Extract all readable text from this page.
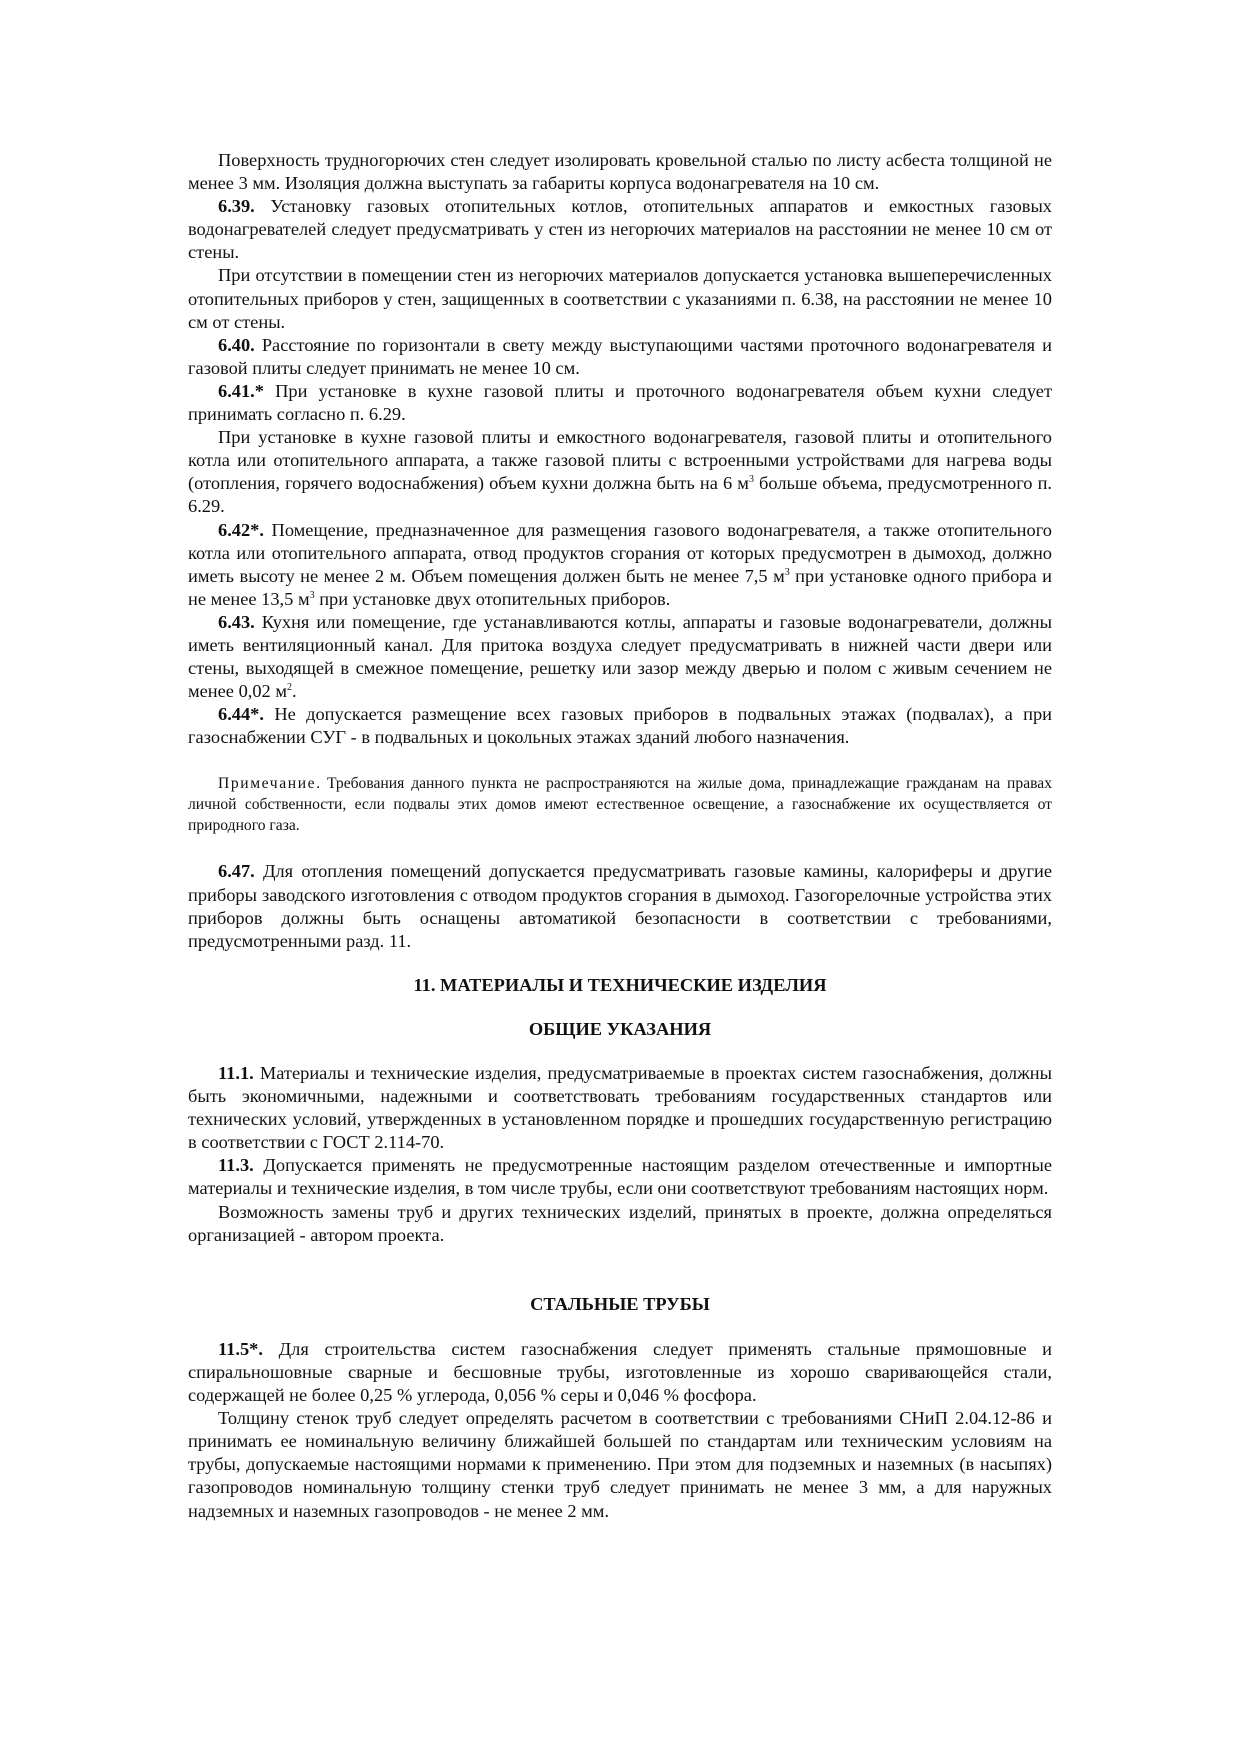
Поверхность трудногорючих стен следует изолировать кровельной сталью по листу асбеста толщиной не менее 3 мм. Изоляция должна выступать за габариты корпуса водонагревателя на 10 см.

6.39. Установку газовых отопительных котлов, отопительных аппаратов и емкостных газовых водонагревателей следует предусматривать у стен из негорючих материалов на расстоянии не менее 10 см от стены.

При отсутствии в помещении стен из негорючих материалов допускается установка вышеперечисленных отопительных приборов у стен, защищенных в соответствии с указаниями п. 6.38, на расстоянии не менее 10 см от стены.

6.40. Расстояние по горизонтали в свету между выступающими частями проточного водонагревателя и газовой плиты следует принимать не менее 10 см.

6.41.* При установке в кухне газовой плиты и проточного водонагревателя объем кухни следует принимать согласно п. 6.29.

При установке в кухне газовой плиты и емкостного водонагревателя, газовой плиты и отопительного котла или отопительного аппарата, а также газовой плиты с встроенными устройствами для нагрева воды (отопления, горячего водоснабжения) объем кухни должна быть на 6 $м^3$ больше объема, предусмотренного п. 6.29.

6.42*. Помещение, предназначенное для размещения газового водонагревателя, а также отопительного котла или отопительного аппарата, отвод продуктов сгорания от которых предусмотрен в дымоход, должно иметь высоту не менее 2 м. Объем помещения должен быть не менее 7,5 $м^3$ при установке одного прибора и не менее 13,5 $м^3$ при установке двух отопительных приборов.

6.43. Кухня или помещение, где устанавливаются котлы, аппараты и газовые водонагреватели, должны иметь вентиляционный канал. Для притока воздуха следует предусматривать в нижней части двери или стены, выходящей в смежное помещение, решетку или зазор между дверью и полом с живым сечением не менее 0,02 $м^2$.

6.44*. Не допускается размещение всех газовых приборов в подвальных этажах (подвалах), а при газоснабжении СУГ - в подвальных и цокольных этажах зданий любого назначения.

Примечание. Требования данного пункта не распространяются на жилые дома, принадлежащие гражданам на правах личной собственности, если подвалы этих домов имеют естественное освещение, а газоснабжение их осуществляется от природного газа.

6.47. Для отопления помещений допускается предусматривать газовые камины, калориферы и другие приборы заводского изготовления с отводом продуктов сгорания в дымоход. Газогорелочные устройства этих приборов должны быть оснащены автоматикой безопасности в соответствии с требованиями, предусмотренными разд. 11.

11. МАТЕРИАЛЫ И ТЕХНИЧЕСКИЕ ИЗДЕЛИЯ

ОБЩИЕ УКАЗАНИЯ

11.1. Материалы и технические изделия, предусматриваемые в проектах систем газоснабжения, должны быть экономичными, надежными и соответствовать требованиям государственных стандартов или технических условий, утвержденных в установленном порядке и прошедших государственную регистрацию в соответствии с ГОСТ 2.114-70.

11.3. Допускается применять не предусмотренные настоящим разделом отечественные и импортные материалы и технические изделия, в том числе трубы, если они соответствуют требованиям настоящих норм.

Возможность замены труб и других технических изделий, принятых в проекте, должна определяться организацией - автором проекта.

СТАЛЬНЫЕ ТРУБЫ

11.5*. Для строительства систем газоснабжения следует применять стальные прямошовные и спиральношовные сварные и бесшовные трубы, изготовленные из хорошо сваривающейся стали, содержащей не более 0,25 % углерода, 0,056 % серы и 0,046 % фосфора.

Толщину стенок труб следует определять расчетом в соответствии с требованиями СНиП 2.04.12-86 и принимать ее номинальную величину ближайшей большей по стандартам или техническим условиям на трубы, допускаемые настоящими нормами к применению. При этом для подземных и наземных (в насыпях) газопроводов номинальную толщину стенки труб следует принимать не менее 3 мм, а для наружных надземных и наземных газопроводов - не менее 2 мм.
